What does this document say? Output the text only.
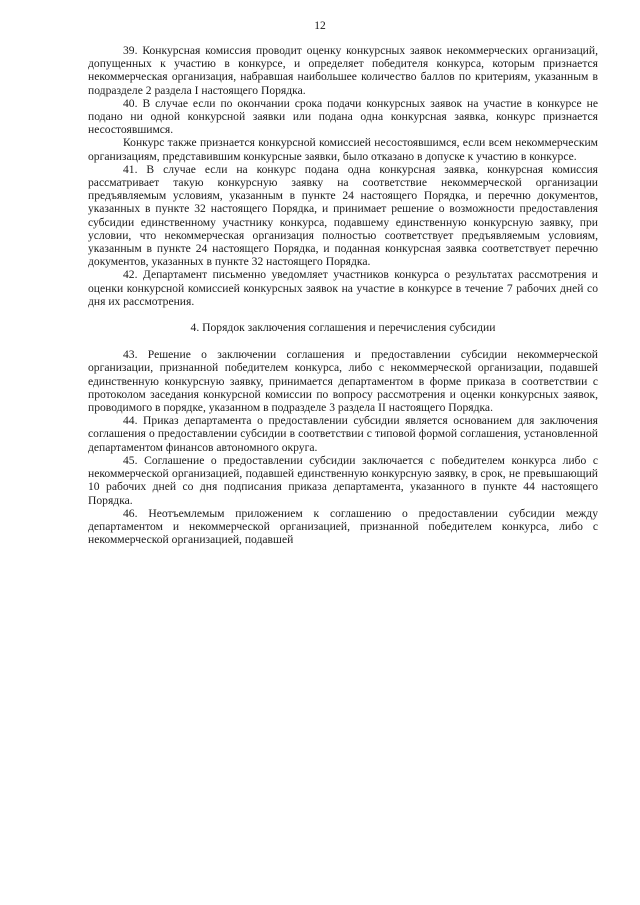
12

39. Конкурсная комиссия проводит оценку конкурсных заявок некоммерческих организаций, допущенных к участию в конкурсе, и определяет победителя конкурса, которым признается некоммерческая организация, набравшая наибольшее количество баллов по критериям, указанным в подразделе 2 раздела I настоящего Порядка.

40. В случае если по окончании срока подачи конкурсных заявок на участие в конкурсе не подано ни одной конкурсной заявки или подана одна конкурсная заявка, конкурс признается несостоявшимся.

Конкурс также признается конкурсной комиссией несостоявшимся, если всем некоммерческим организациям, представившим конкурсные заявки, было отказано в допуске к участию в конкурсе.

41. В случае если на конкурс подана одна конкурсная заявка, конкурсная комиссия рассматривает такую конкурсную заявку на соответствие некоммерческой организации предъявляемым условиям, указанным в пункте 24 настоящего Порядка, и перечню документов, указанных в пункте 32 настоящего Порядка, и принимает решение о возможности предоставления субсидии единственному участнику конкурса, подавшему единственную конкурсную заявку, при условии, что некоммерческая организация полностью соответствует предъявляемым условиям, указанным в пункте 24 настоящего Порядка, и поданная конкурсная заявка соответствует перечню документов, указанных в пункте 32 настоящего Порядка.

42. Департамент письменно уведомляет участников конкурса о результатах рассмотрения и оценки конкурсной комиссией конкурсных заявок на участие в конкурсе в течение 7 рабочих дней со дня их рассмотрения.

4. Порядок заключения соглашения и перечисления субсидии

43. Решение о заключении соглашения и предоставлении субсидии некоммерческой организации, признанной победителем конкурса, либо с некоммерческой организации, подавшей единственную конкурсную заявку, принимается департаментом в форме приказа в соответствии с протоколом заседания конкурсной комиссии по вопросу рассмотрения и оценки конкурсных заявок, проводимого в порядке, указанном в подразделе 3 раздела II настоящего Порядка.

44. Приказ департамента о предоставлении субсидии является основанием для заключения соглашения о предоставлении субсидии в соответствии с типовой формой соглашения, установленной департаментом финансов автономного округа.

45. Соглашение о предоставлении субсидии заключается с победителем конкурса либо с некоммерческой организацией, подавшей единственную конкурсную заявку, в срок, не превышающий 10 рабочих дней со дня подписания приказа департамента, указанного в пункте 44 настоящего Порядка.

46. Неотъемлемым приложением к соглашению о предоставлении субсидии между департаментом и некоммерческой организацией, признанной победителем конкурса, либо с некоммерческой организацией, подавшей
